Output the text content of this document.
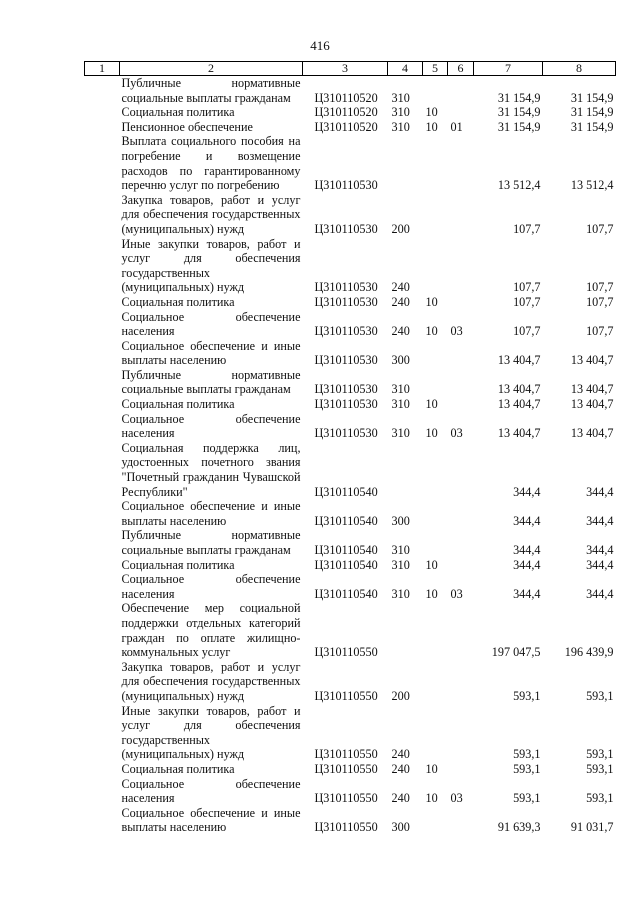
416
1	2	3	4	5	6	7	8
	Публичные нормативные социальные выплаты гражданам	Ц310110520	310			31 154,9	31 154,9
	Социальная политика	Ц310110520	310	10		31 154,9	31 154,9
	Пенсионное обеспечение	Ц310110520	310	10	01	31 154,9	31 154,9
	Выплата социального пособия на погребение и возмещение расходов по гарантированному перечню услуг по погребению	Ц310110530				13 512,4	13 512,4
	Закупка товаров, работ и услуг для обеспечения государственных (муниципальных) нужд	Ц310110530	200			107,7	107,7
	Иные закупки товаров, работ и услуг для обеспечения государственных (муниципальных) нужд	Ц310110530	240			107,7	107,7
	Социальная политика	Ц310110530	240	10		107,7	107,7
	Социальное обеспечение населения	Ц310110530	240	10	03	107,7	107,7
	Социальное обеспечение и иные выплаты населению	Ц310110530	300			13 404,7	13 404,7
	Публичные нормативные социальные выплаты гражданам	Ц310110530	310			13 404,7	13 404,7
	Социальная политика	Ц310110530	310	10		13 404,7	13 404,7
	Социальное обеспечение населения	Ц310110530	310	10	03	13 404,7	13 404,7
	Социальная поддержка лиц, удостоенных почетного звания "Почетный гражданин Чувашской Республики"	Ц310110540				344,4	344,4
	Социальное обеспечение и иные выплаты населению	Ц310110540	300			344,4	344,4
	Публичные нормативные социальные выплаты гражданам	Ц310110540	310			344,4	344,4
	Социальная политика	Ц310110540	310	10		344,4	344,4
	Социальное обеспечение населения	Ц310110540	310	10	03	344,4	344,4
	Обеспечение мер социальной поддержки отдельных категорий граждан по оплате жилищно-коммунальных услуг	Ц310110550				197 047,5	196 439,9
	Закупка товаров, работ и услуг для обеспечения государственных (муниципальных) нужд	Ц310110550	200			593,1	593,1
	Иные закупки товаров, работ и услуг для обеспечения государственных (муниципальных) нужд	Ц310110550	240			593,1	593,1
	Социальная политика	Ц310110550	240	10		593,1	593,1
	Социальное обеспечение населения	Ц310110550	240	10	03	593,1	593,1
	Социальное обеспечение и иные выплаты населению	Ц310110550	300			91 639,3	91 031,7
